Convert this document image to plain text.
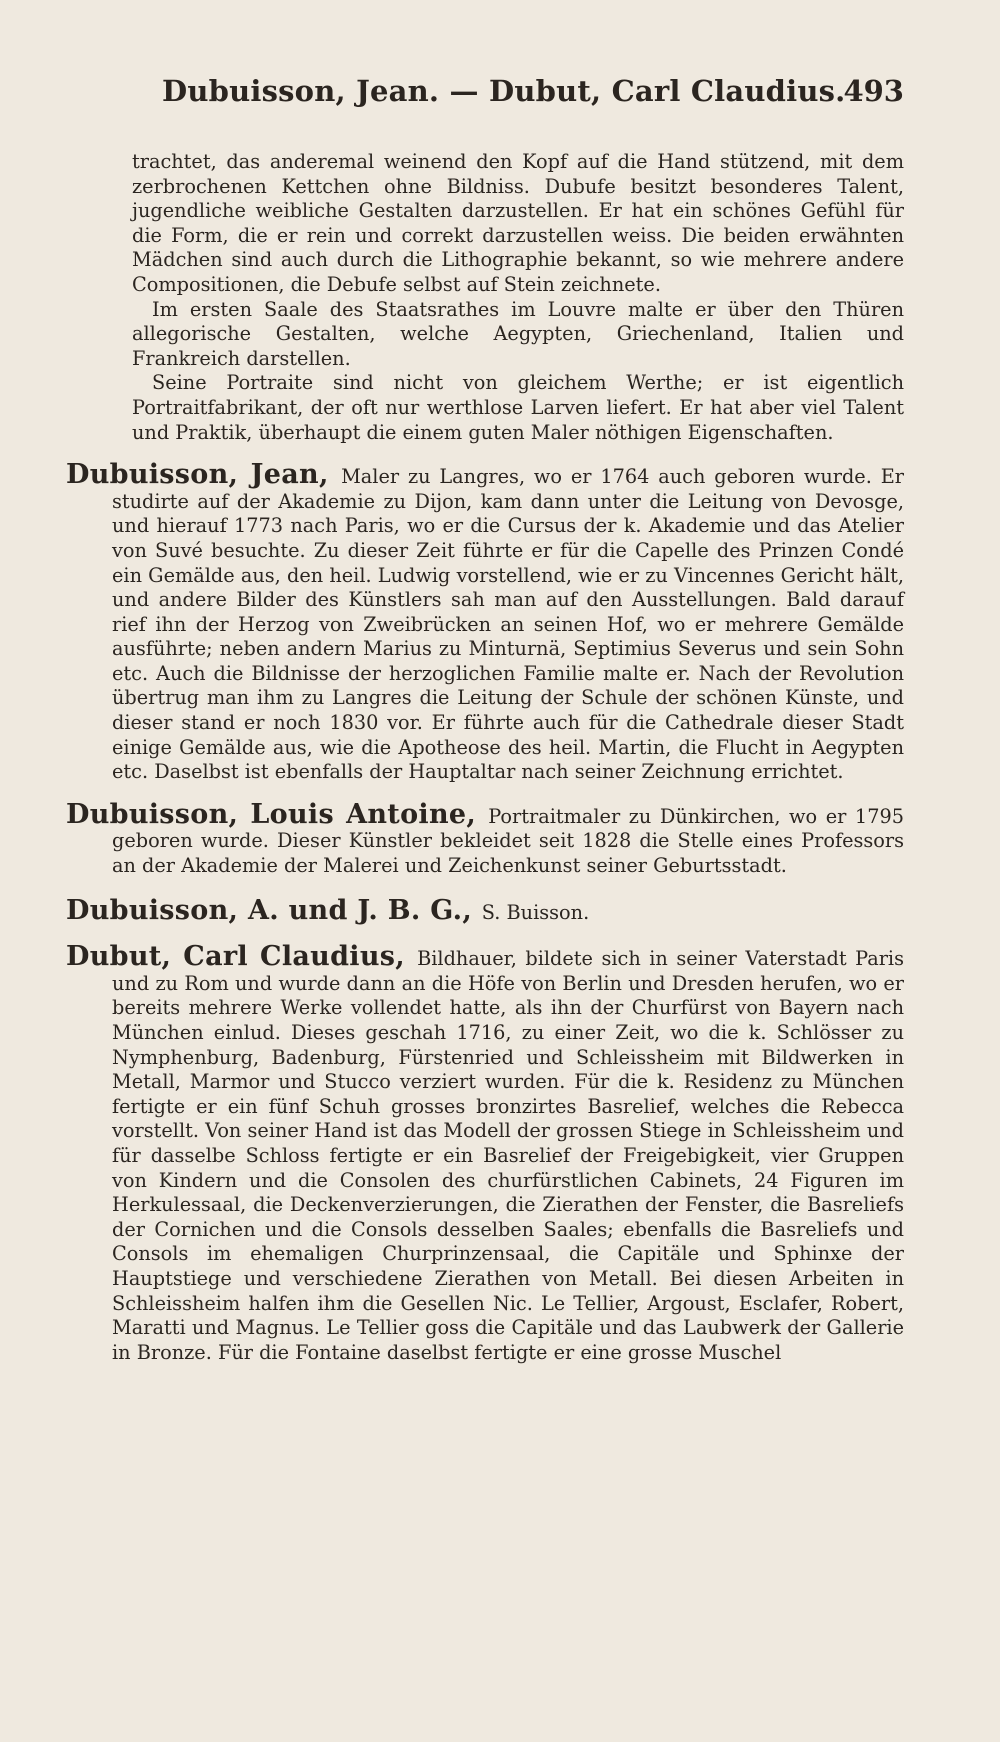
Dubuisson, Jean. — Dubut, Carl Claudius.
493

trachtet, das anderemal weinend den Kopf auf die Hand stützend, mit dem zerbrochenen Kettchen ohne Bildniss. Dubufe besitzt besonderes Talent, jugendliche weibliche Gestalten darzustellen. Er hat ein schönes Gefühl für die Form, die er rein und correkt darzustellen weiss. Die beiden erwähnten Mädchen sind auch durch die Lithographie bekannt, so wie mehrere andere Compositionen, die Debufe selbst auf Stein zeichnete.

Im ersten Saale des Staatsrathes im Louvre malte er über den Thüren allegorische Gestalten, welche Aegypten, Griechenland, Italien und Frankreich darstellen.

Seine Portraite sind nicht von gleichem Werthe; er ist eigentlich Portraitfabrikant, der oft nur werthlose Larven liefert. Er hat aber viel Talent und Praktik, überhaupt die einem guten Maler nöthigen Eigenschaften.

Dubuisson, Jean, Maler zu Langres, wo er 1764 auch geboren wurde. Er studirte auf der Akademie zu Dijon, kam dann unter die Leitung von Devosge, und hierauf 1773 nach Paris, wo er die Cursus der k. Akademie und das Atelier von Suvé besuchte. Zu dieser Zeit führte er für die Capelle des Prinzen Condé ein Gemälde aus, den heil. Ludwig vorstellend, wie er zu Vincennes Gericht hält, und andere Bilder des Künstlers sah man auf den Ausstellungen. Bald darauf rief ihn der Herzog von Zweibrücken an seinen Hof, wo er mehrere Gemälde ausführte; neben andern Marius zu Minturnä, Septimius Severus und sein Sohn etc. Auch die Bildnisse der herzoglichen Familie malte er. Nach der Revolution übertrug man ihm zu Langres die Leitung der Schule der schönen Künste, und dieser stand er noch 1830 vor. Er führte auch für die Cathedrale dieser Stadt einige Gemälde aus, wie die Apotheose des heil. Martin, die Flucht in Aegypten etc. Daselbst ist ebenfalls der Hauptaltar nach seiner Zeichnung errichtet.
Dubuisson, Louis Antoine, Portraitmaler zu Dünkirchen, wo er 1795 geboren wurde. Dieser Künstler bekleidet seit 1828 die Stelle eines Professors an der Akademie der Malerei und Zeichenkunst seiner Geburtsstadt.
Dubuisson, A. und J. B. G., S. Buisson.
Dubut, Carl Claudius, Bildhauer, bildete sich in seiner Vaterstadt Paris und zu Rom und wurde dann an die Höfe von Berlin und Dresden herufen, wo er bereits mehrere Werke vollendet hatte, als ihn der Churfürst von Bayern nach München einlud. Dieses geschah 1716, zu einer Zeit, wo die k. Schlösser zu Nymphenburg, Badenburg, Fürstenried und Schleissheim mit Bildwerken in Metall, Marmor und Stucco verziert wurden. Für die k. Residenz zu München fertigte er ein fünf Schuh grosses bronzirtes Basrelief, welches die Rebecca vorstellt. Von seiner Hand ist das Modell der grossen Stiege in Schleissheim und für dasselbe Schloss fertigte er ein Basrelief der Freigebigkeit, vier Gruppen von Kindern und die Consolen des churfürstlichen Cabinets, 24 Figuren im Herkulessaal, die Deckenverzierungen, die Zierathen der Fenster, die Basreliefs der Cornichen und die Consols desselben Saales; ebenfalls die Basreliefs und Consols im ehemaligen Churprinzensaal, die Capitäle und Sphinxe der Hauptstiege und verschiedene Zierathen von Metall. Bei diesen Arbeiten in Schleissheim halfen ihm die Gesellen Nic. Le Tellier, Argoust, Esclafer, Robert, Maratti und Magnus. Le Tellier goss die Capitäle und das Laubwerk der Gallerie in Bronze. Für die Fontaine daselbst fertigte er eine grosse Muschel
